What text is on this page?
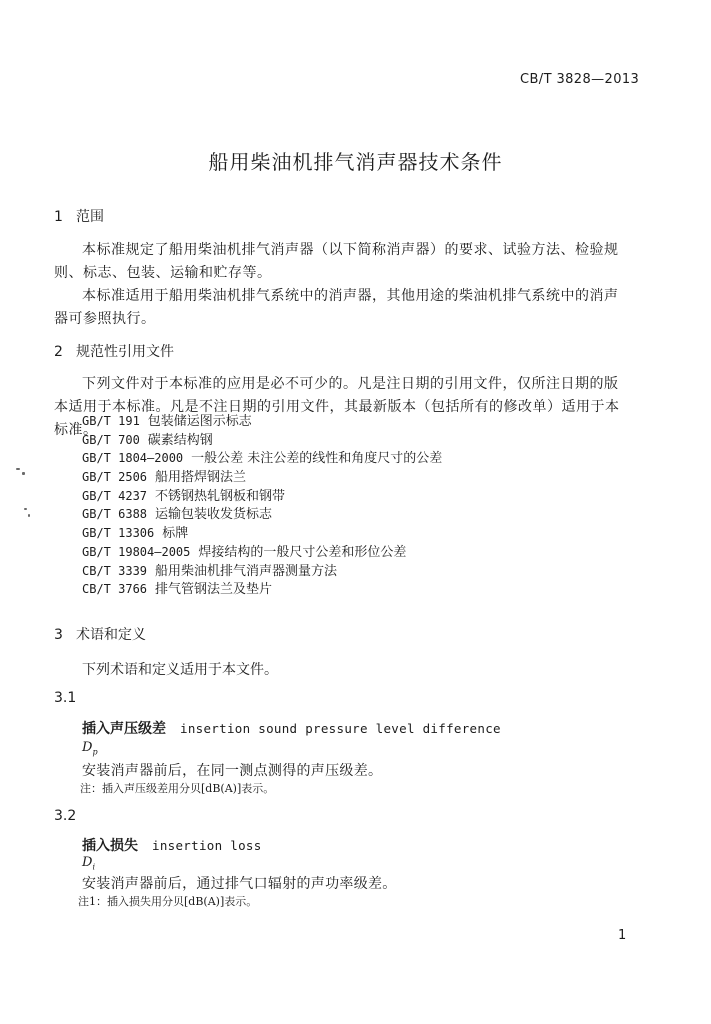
CB/T 3828—2013
船用柴油机排气消声器技术条件
1 范围
本标准规定了船用柴油机排气消声器（以下简称消声器）的要求、试验方法、检验规则、标志、包装、运输和贮存等。
本标准适用于船用柴油机排气系统中的消声器，其他用途的柴油机排气系统中的消声器可参照执行。
2 规范性引用文件
下列文件对于本标准的应用是必不可少的。凡是注日期的引用文件，仅所注日期的版本适用于本标准。凡是不注日期的引用文件，其最新版本（包括所有的修改单）适用于本标准。
GB/T 191 包装储运图示标志
GB/T 700 碳素结构钢
GB/T 1804—2000 一般公差 未注公差的线性和角度尺寸的公差
GB/T 2506 船用搭焊钢法兰
GB/T 4237 不锈钢热轧钢板和钢带
GB/T 6388 运输包装收发货标志
GB/T 13306 标牌
GB/T 19804—2005 焊接结构的一般尺寸公差和形位公差
CB/T 3339 船用柴油机排气消声器测量方法
CB/T 3766 排气管钢法兰及垫片
3 术语和定义
下列术语和定义适用于本文件。
3.1
插入声压级差 insertion sound pressure level difference
$D_p$
安装消声器前后，在同一测点测得的声压级差。
注：插入声压级差用分贝[dB(A)]表示。
3.2
插入损失 insertion loss
$D_i$
安装消声器前后，通过排气口辐射的声功率级差。
注1：插入损失用分贝[dB(A)]表示。
1
